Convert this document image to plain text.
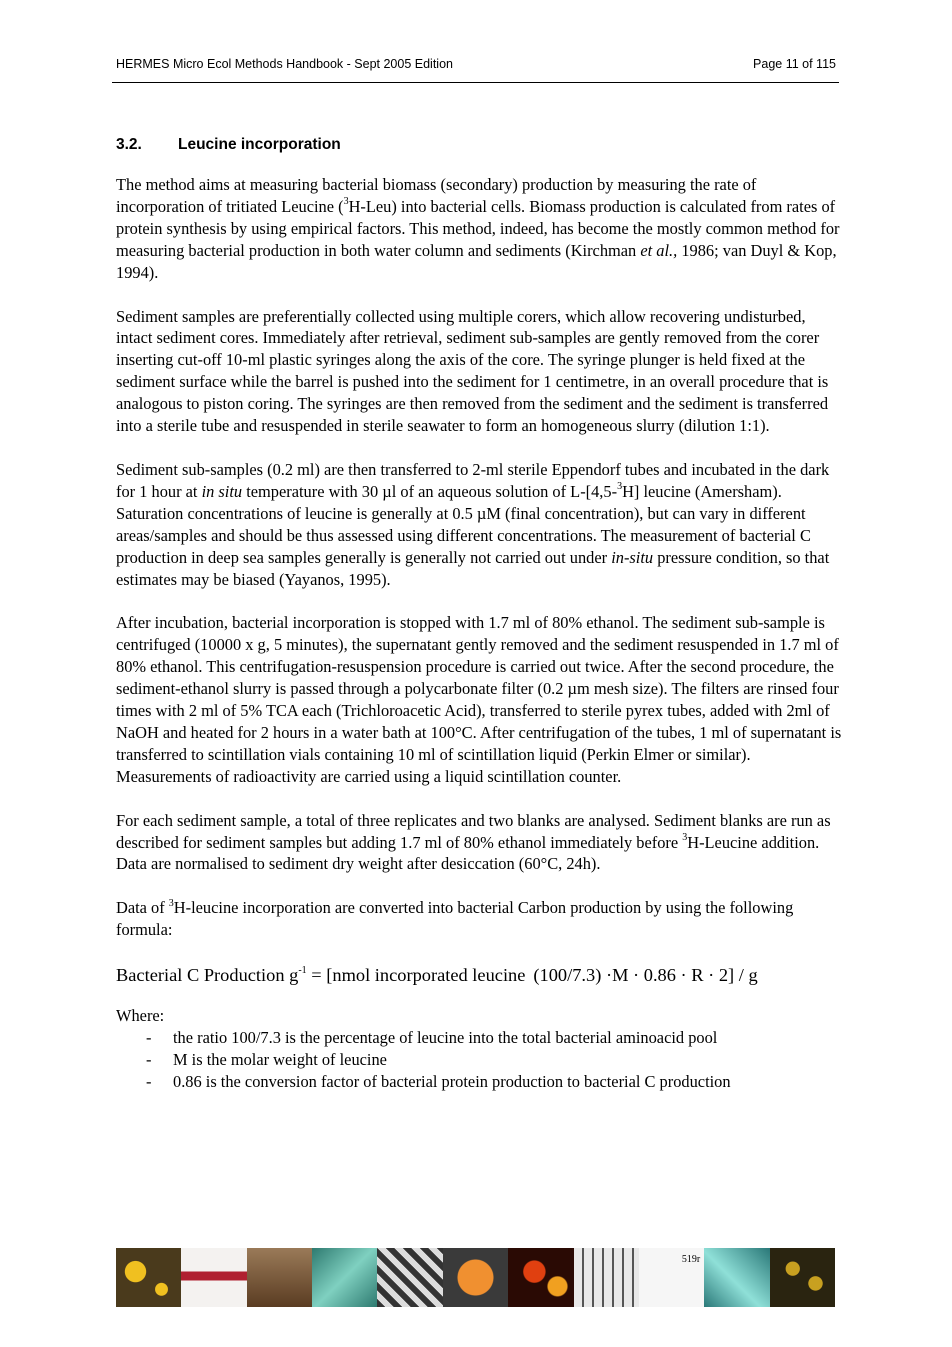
HERMES Micro Ecol Methods Handbook - Sept 2005 Edition	Page 11 of 115
3.2. Leucine incorporation

The method aims at measuring bacterial biomass (secondary) production by measuring the rate of incorporation of tritiated Leucine ($^3$H-Leu) into bacterial cells. Biomass production is calculated from rates of protein synthesis by using empirical factors. This method, indeed, has become the mostly common method for measuring bacterial production in both water column and sediments (Kirchman et al., 1986; van Duyl & Kop, 1994).

Sediment samples are preferentially collected using multiple corers, which allow recovering undisturbed, intact sediment cores. Immediately after retrieval, sediment sub-samples are gently removed from the corer inserting cut-off 10-ml plastic syringes along the axis of the core. The syringe plunger is held fixed at the sediment surface while the barrel is pushed into the sediment for 1 centimetre, in an overall procedure that is analogous to piston coring. The syringes are then removed from the sediment and the sediment is transferred into a sterile tube and resuspended in sterile seawater to form an homogeneous slurry (dilution 1:1).

Sediment sub-samples (0.2 ml) are then transferred to 2-ml sterile Eppendorf tubes and incubated in the dark for 1 hour at in situ temperature with 30 µl of an aqueous solution of L-[4,5-$^3$H] leucine (Amersham). Saturation concentrations of leucine is generally at 0.5 µM (final concentration), but can vary in different areas/samples and should be thus assessed using different concentrations. The measurement of bacterial C production in deep sea samples generally is generally not carried out under in-situ pressure condition, so that estimates may be biased (Yayanos, 1995).

After incubation, bacterial incorporation is stopped with 1.7 ml of 80% ethanol. The sediment sub-sample is centrifuged (10000 x g, 5 minutes), the supernatant gently removed and the sediment resuspended in 1.7 ml of 80% ethanol. This centrifugation-resuspension procedure is carried out twice. After the second procedure, the sediment-ethanol slurry is passed through a polycarbonate filter (0.2 µm mesh size). The filters are rinsed four times with 2 ml of 5% TCA each (Trichloroacetic Acid), transferred to sterile pyrex tubes, added with 2ml of NaOH and heated for 2 hours in a water bath at 100°C. After centrifugation of the tubes, 1 ml of supernatant is transferred to scintillation vials containing 10 ml of scintillation liquid (Perkin Elmer or similar). Measurements of radioactivity are carried using a liquid scintillation counter.

For each sediment sample, a total of three replicates and two blanks are analysed. Sediment blanks are run as described for sediment samples but adding 1.7 ml of 80% ethanol immediately before $^3$H-Leucine addition. Data are normalised to sediment dry weight after desiccation (60°C, 24h).

Data of $^3$H-leucine incorporation are converted into bacterial Carbon production by using the following formula:

Bacterial C Production $g^{-1}$ = [nmol incorporated leucine (100/7.3) ·M · 0.86 · R · 2] / g

Where:

- the ratio 100/7.3 is the percentage of leucine into the total bacterial aminoacid pool
- M is the molar weight of leucine
- 0.86 is the conversion factor of bacterial protein production to bacterial C production
519r
